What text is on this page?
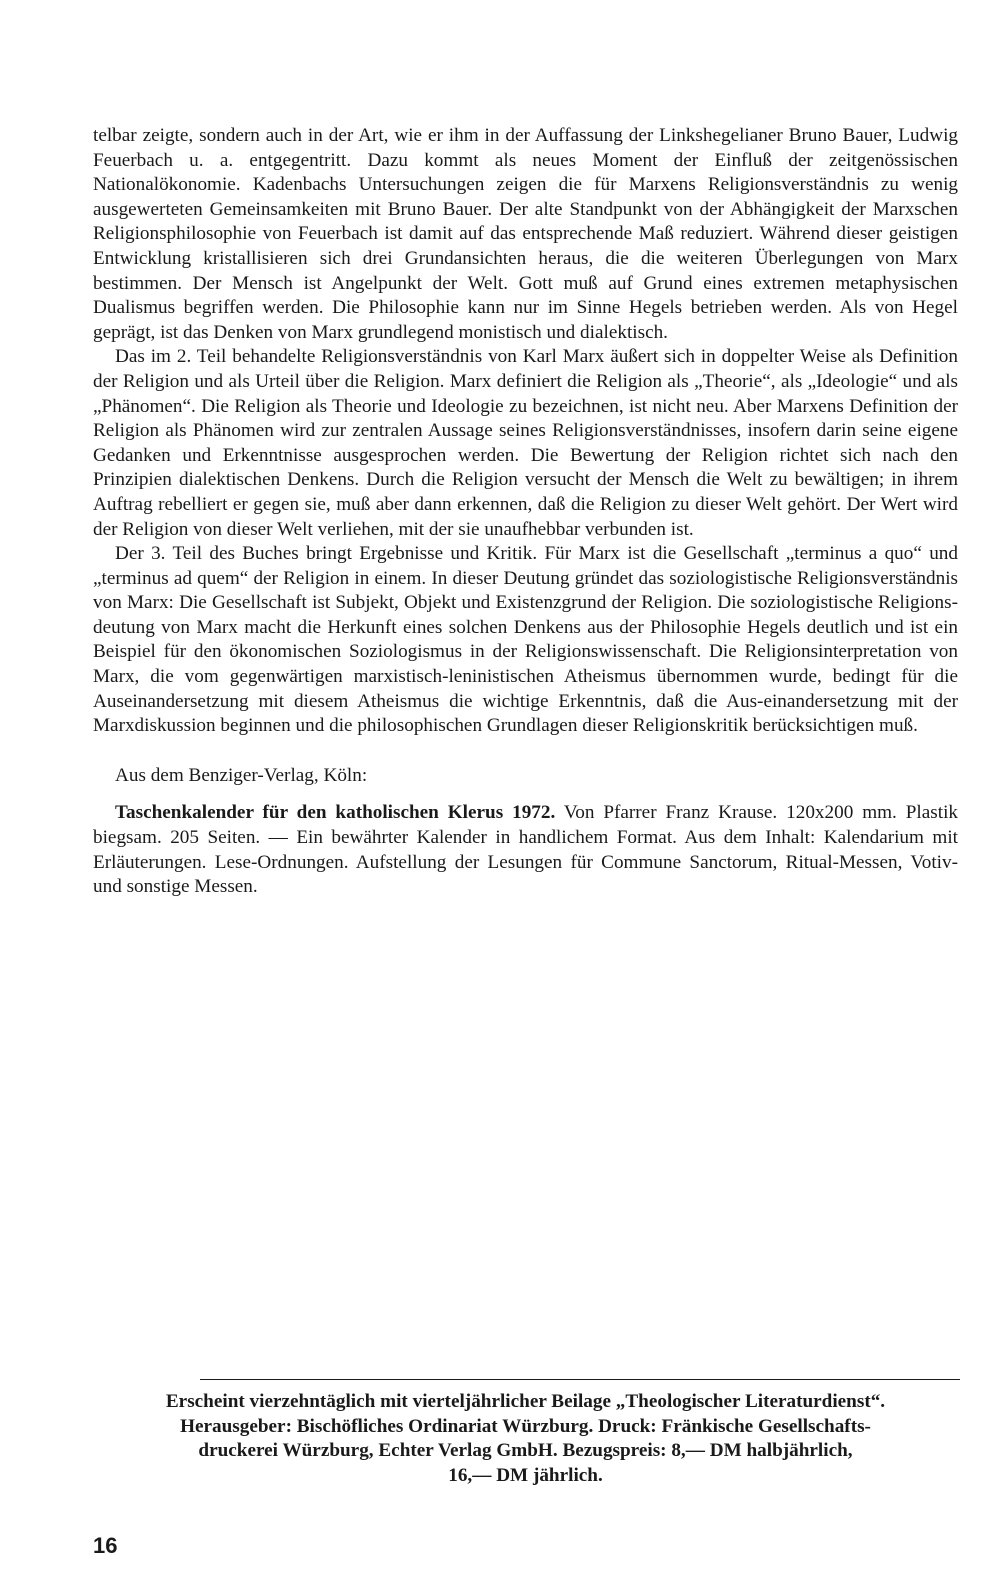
telbar zeigte, sondern auch in der Art, wie er ihm in der Auffassung der Linkshegelianer Bruno Bauer, Ludwig Feuerbach u. a. entgegentritt. Dazu kommt als neues Moment der Einfluß der zeitgenössischen Nationalökonomie. Kadenbachs Untersuchungen zeigen die für Marxens Religionsverständnis zu wenig ausgewerteten Gemeinsamkeiten mit Bruno Bauer. Der alte Standpunkt von der Abhängigkeit der Marxschen Religionsphilosophie von Feuerbach ist damit auf das entsprechende Maß reduziert. Während dieser geistigen Entwicklung kristallisieren sich drei Grundansichten heraus, die die weiteren Überlegungen von Marx bestimmen. Der Mensch ist Angelpunkt der Welt. Gott muß auf Grund eines extremen metaphysischen Dualismus begriffen werden. Die Philosophie kann nur im Sinne Hegels betrieben werden. Als von Hegel geprägt, ist das Denken von Marx grundlegend monistisch und dialektisch.

Das im 2. Teil behandelte Religionsverständnis von Karl Marx äußert sich in doppelter Weise als Definition der Religion und als Urteil über die Religion. Marx definiert die Religion als „Theorie“, als „Ideologie“ und als „Phänomen“. Die Religion als Theorie und Ideologie zu bezeichnen, ist nicht neu. Aber Marxens Definition der Religion als Phänomen wird zur zentralen Aussage seines Religionsverständnisses, insofern darin seine eigene Gedanken und Erkenntnisse ausgesprochen werden. Die Bewertung der Religion richtet sich nach den Prinzipien dialektischen Denkens. Durch die Religion versucht der Mensch die Welt zu bewältigen; in ihrem Auftrag rebelliert er gegen sie, muß aber dann erkennen, daß die Religion zu dieser Welt gehört. Der Wert wird der Religion von dieser Welt verliehen, mit der sie unaufhebbar verbunden ist.

Der 3. Teil des Buches bringt Ergebnisse und Kritik. Für Marx ist die Gesellschaft „terminus a quo“ und „terminus ad quem“ der Religion in einem. In dieser Deutung gründet das soziologistische Religionsverständnis von Marx: Die Gesellschaft ist Subjekt, Objekt und Existenzgrund der Religion. Die soziologistische Religionsdeutung von Marx macht die Herkunft eines solchen Denkens aus der Philosophie Hegels deutlich und ist ein Beispiel für den ökonomischen Soziologismus in der Religionswissenschaft. Die Religionsinterpretation von Marx, die vom gegenwärtigen marxistisch-leninistischen Atheismus übernommen wurde, bedingt für die Auseinandersetzung mit diesem Atheismus die wichtige Erkenntnis, daß die Aus-einandersetzung mit der Marxdiskussion beginnen und die philosophischen Grundlagen dieser Religionskritik berücksichtigen muß.

Aus dem Benziger-Verlag, Köln:

Taschenkalender für den katholischen Klerus 1972. Von Pfarrer Franz Krause. 120x200 mm. Plastik biegsam. 205 Seiten. — Ein bewährter Kalender in handlichem Format. Aus dem Inhalt: Kalendarium mit Erläuterungen. Lese-Ordnungen. Aufstellung der Lesungen für Commune Sanctorum, Ritual-Messen, Votiv- und sonstige Messen.

Erscheint vierzehntäglich mit vierteljährlicher Beilage „Theologischer Literaturdienst“.

Herausgeber: Bischöfliches Ordinariat Würzburg. Druck: Fränkische Gesellschafts-

druckerei Würzburg, Echter Verlag GmbH. Bezugspreis: 8,— DM halbjährlich,

16,— DM jährlich.

16
